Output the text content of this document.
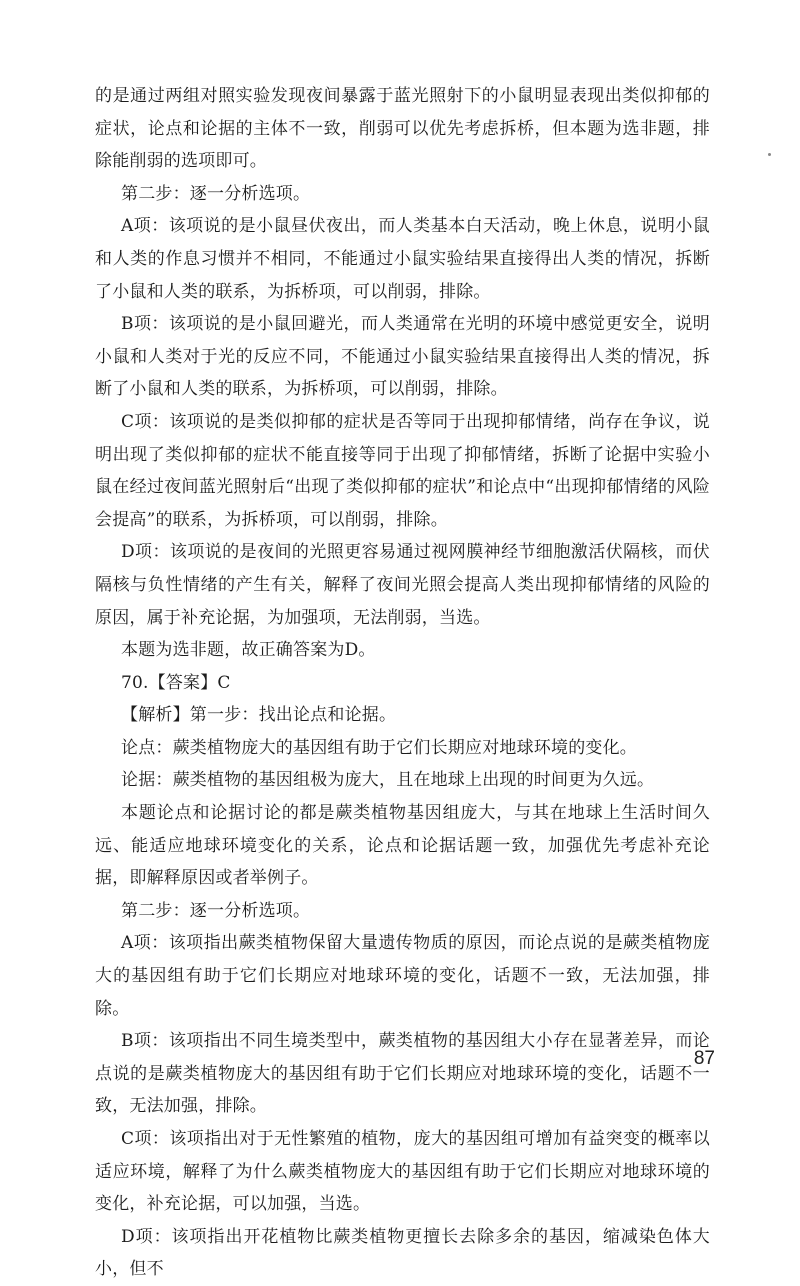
的是通过两组对照实验发现夜间暴露于蓝光照射下的小鼠明显表现出类似抑郁的症状，论点和论据的主体不一致，削弱可以优先考虑拆桥，但本题为选非题，排除能削弱的选项即可。

第二步：逐一分析选项。

A项：该项说的是小鼠昼伏夜出，而人类基本白天活动，晚上休息，说明小鼠和人类的作息习惯并不相同，不能通过小鼠实验结果直接得出人类的情况，拆断了小鼠和人类的联系，为拆桥项，可以削弱，排除。

B项：该项说的是小鼠回避光，而人类通常在光明的环境中感觉更安全，说明小鼠和人类对于光的反应不同，不能通过小鼠实验结果直接得出人类的情况，拆断了小鼠和人类的联系，为拆桥项，可以削弱，排除。

C项：该项说的是类似抑郁的症状是否等同于出现抑郁情绪，尚存在争议，说明出现了类似抑郁的症状不能直接等同于出现了抑郁情绪，拆断了论据中实验小鼠在经过夜间蓝光照射后“出现了类似抑郁的症状”和论点中“出现抑郁情绪的风险会提高”的联系，为拆桥项，可以削弱，排除。

D项：该项说的是夜间的光照更容易通过视网膜神经节细胞激活伏隔核，而伏隔核与负性情绪的产生有关，解释了夜间光照会提高人类出现抑郁情绪的风险的原因，属于补充论据，为加强项，无法削弱，当选。

本题为选非题，故正确答案为D。

70.【答案】C

【解析】第一步：找出论点和论据。

论点：蕨类植物庞大的基因组有助于它们长期应对地球环境的变化。

论据：蕨类植物的基因组极为庞大，且在地球上出现的时间更为久远。

本题论点和论据讨论的都是蕨类植物基因组庞大，与其在地球上生活时间久远、能适应地球环境变化的关系，论点和论据话题一致，加强优先考虑补充论据，即解释原因或者举例子。

第二步：逐一分析选项。

A项：该项指出蕨类植物保留大量遗传物质的原因，而论点说的是蕨类植物庞大的基因组有助于它们长期应对地球环境的变化，话题不一致，无法加强，排除。

B项：该项指出不同生境类型中，蕨类植物的基因组大小存在显著差异，而论点说的是蕨类植物庞大的基因组有助于它们长期应对地球环境的变化，话题不一致，无法加强，排除。

C项：该项指出对于无性繁殖的植物，庞大的基因组可增加有益突变的概率以适应环境，解释了为什么蕨类植物庞大的基因组有助于它们长期应对地球环境的变化，补充论据，可以加强，当选。

D项：该项指出开花植物比蕨类植物更擅长去除多余的基因，缩减染色体大小，但不

87
